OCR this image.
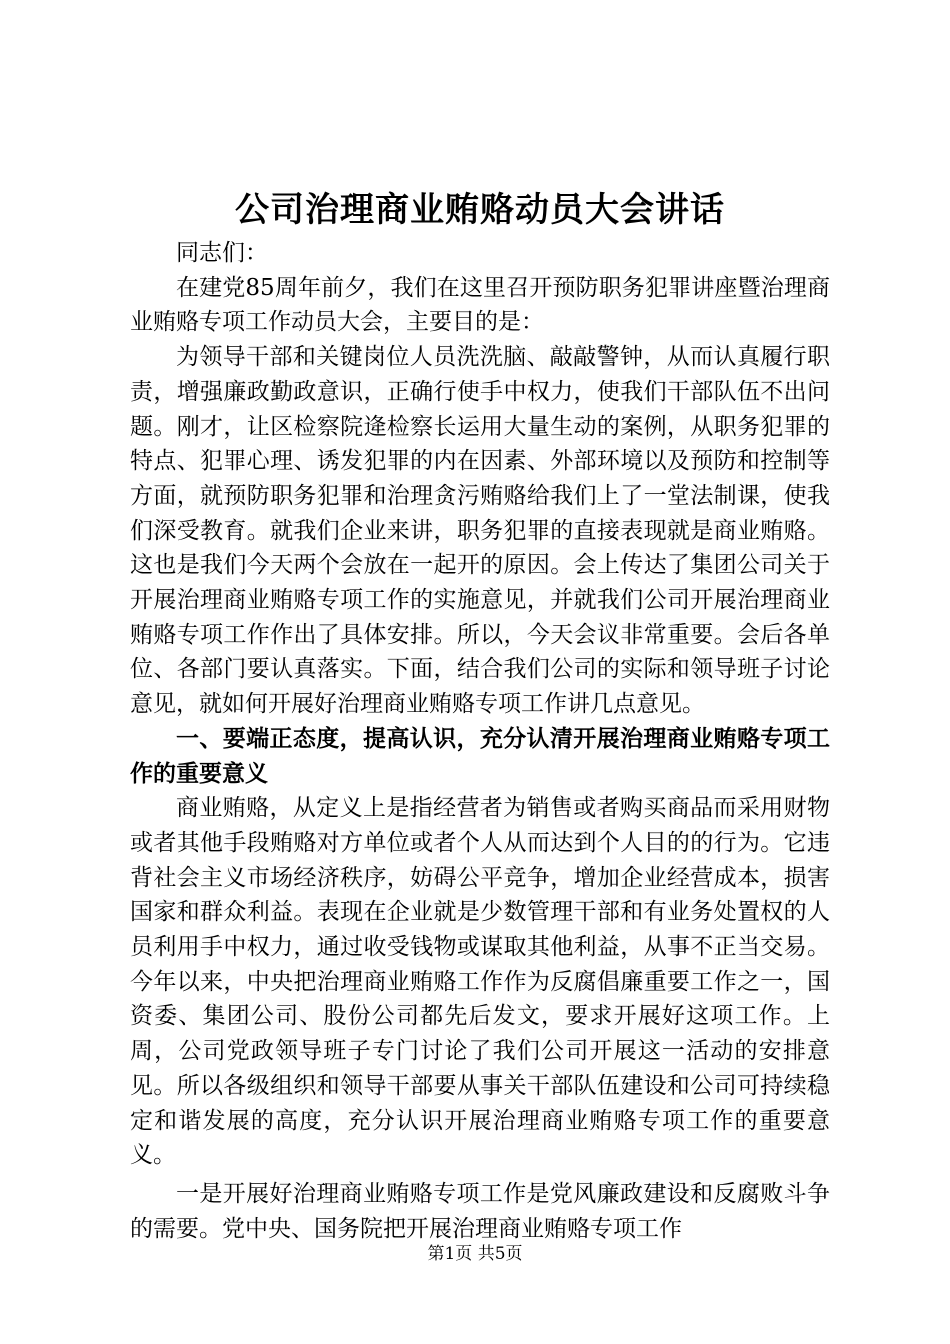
公司治理商业贿赂动员大会讲话

同志们：

在建党85周年前夕，我们在这里召开预防职务犯罪讲座暨治理商业贿赂专项工作动员大会，主要目的是：

为领导干部和关键岗位人员洗洗脑、敲敲警钟，从而认真履行职责，增强廉政勤政意识，正确行使手中权力，使我们干部队伍不出问题。刚才，让区检察院逄检察长运用大量生动的案例，从职务犯罪的特点、犯罪心理、诱发犯罪的内在因素、外部环境以及预防和控制等方面，就预防职务犯罪和治理贪污贿赂给我们上了一堂法制课，使我们深受教育。就我们企业来讲，职务犯罪的直接表现就是商业贿赂。这也是我们今天两个会放在一起开的原因。会上传达了集团公司关于开展治理商业贿赂专项工作的实施意见，并就我们公司开展治理商业贿赂专项工作作出了具体安排。所以，今天会议非常重要。会后各单位、各部门要认真落实。下面，结合我们公司的实际和领导班子讨论意见，就如何开展好治理商业贿赂专项工作讲几点意见。

一、要端正态度，提高认识，充分认清开展治理商业贿赂专项工作的重要意义

商业贿赂，从定义上是指经营者为销售或者购买商品而采用财物或者其他手段贿赂对方单位或者个人从而达到个人目的的行为。它违背社会主义市场经济秩序，妨碍公平竞争，增加企业经营成本，损害国家和群众利益。表现在企业就是少数管理干部和有业务处置权的人员利用手中权力，通过收受钱物或谋取其他利益，从事不正当交易。今年以来，中央把治理商业贿赂工作作为反腐倡廉重要工作之一，国资委、集团公司、股份公司都先后发文，要求开展好这项工作。上周，公司党政领导班子专门讨论了我们公司开展这一活动的安排意见。所以各级组织和领导干部要从事关干部队伍建设和公司可持续稳定和谐发展的高度，充分认识开展治理商业贿赂专项工作的重要意义。

一是开展好治理商业贿赂专项工作是党风廉政建设和反腐败斗争的需要。党中央、国务院把开展治理商业贿赂专项工作

第1页 共5页
